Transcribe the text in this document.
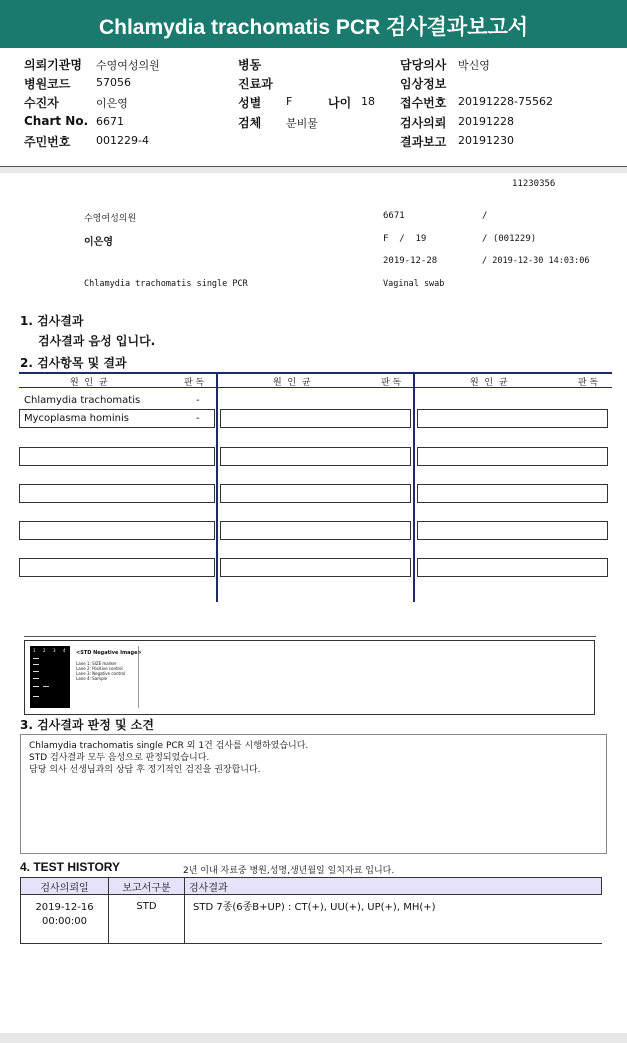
Chlamydia trachomatis PCR 검사결과보고서
의뢰기관명 수영여성의원
병원코드 57056
수진자	이은영
Chart No. 6671
주민번호 001229-4
병동
진료과
성별 F	나이 18
검체 분비물
담당의사 박신영
임상정보
접수번호 20191228-75562
검사의뢰 20191228
결과보고 20191230
11230356
수영여성의원	6671	/
이은영	F  /  19	/ (001229)
2019-12-28	/ 2019-12-30 14:03:06
Chlamydia trachomatis single PCR	Vaginal swab
1. 검사결과
검사결과 음성 입니다.
2. 검사항목 및 결과
원  인  균	판 독	원  인  균	판 독	원  인  균	판 독
Chlamydia trachomatis	-
Mycoplasma hominis	-
1 2 3 4 <STD Negative Image>
Lane 1: SIZE marker
Lane 2: Positive control
Lane 3: Negative control
Lane 4: Sample
3. 검사결과 판정 및 소견
Chlamydia trachomatis single PCR 외 1건 검사를 시행하였습니다.
STD 검사결과 모두 음성으로 판정되었습니다.
담당 의사 선생님과의 상담 후 정기적인 검진을 권장합니다.
4. TEST HISTORY	2년 이내 자료중 병원,성명,생년월일 일치자료 입니다.
검사의뢰일	보고서구분	검사결과

2019-12-16
00:00:00	STD	STD 7종(6종B+UP) : CT(+), UU(+), UP(+), MH(+)
